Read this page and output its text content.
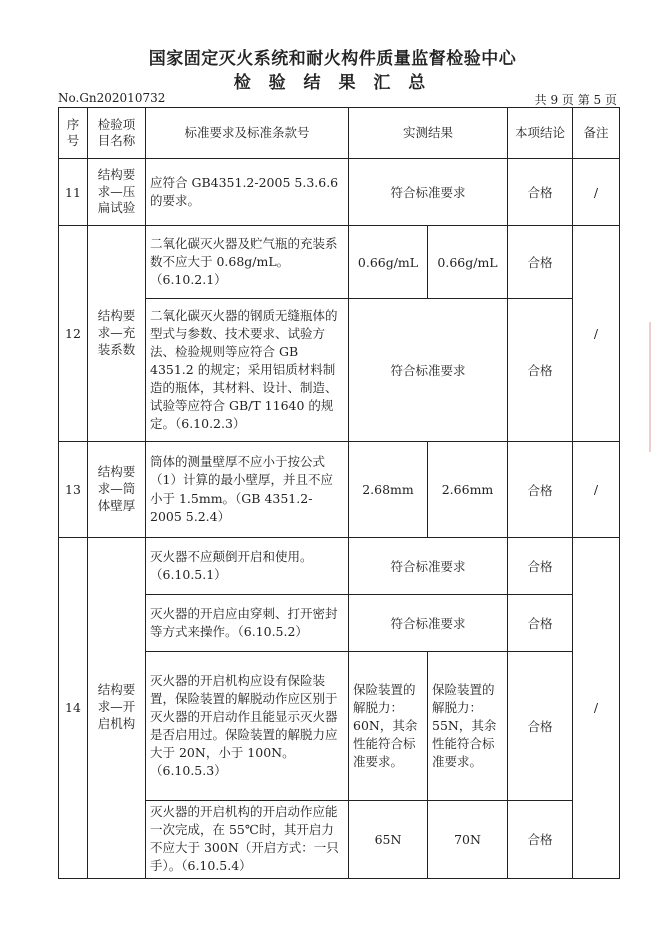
国家固定灭火系统和耐火构件质量监督检验中心
检 验 结 果 汇 总
No.Gn202010732	共 9 页 第 5 页
序号	检验项目名称	标准要求及标准条款号	实测结果		本项结论	备注
11	结构要求—压扁试验	应符合 GB4351.2-2005 5.3.6.6 的要求。	符合标准要求		合格	/
12	结构要求—充装系数	二氧化碳灭火器及贮气瓶的充装系数不应大于 0.68g/mL。（6.10.2.1）	0.66g/mL	0.66g/mL	合格	/
		二氧化碳灭火器的钢质无缝瓶体的型式与参数、技术要求、试验方法、检验规则等应符合 GB 4351.2 的规定；采用铝质材料制造的瓶体，其材料、设计、制造、试验等应符合 GB/T 11640 的规定。（6.10.2.3）	符合标准要求		合格	
13	结构要求—筒体壁厚	筒体的测量壁厚不应小于按公式（1）计算的最小壁厚，并且不应小于 1.5mm。（GB 4351.2-2005 5.2.4）	2.68mm	2.66mm	合格	/
14	结构要求—开启机构	灭火器不应颠倒开启和使用。（6.10.5.1）	符合标准要求		合格	/
		灭火器的开启应由穿刺、打开密封等方式来操作。（6.10.5.2）	符合标准要求		合格	
		灭火器的开启机构应设有保险装置，保险装置的解脱动作应区别于灭火器的开启动作且能显示灭火器是否启用过。保险装置的解脱力应大于 20N，小于 100N。（6.10.5.3）	保险装置的解脱力：60N，其余性能符合标准要求。	保险装置的解脱力：55N，其余性能符合标准要求。	合格	
		灭火器的开启机构的开启动作应能一次完成，在 55℃时，其开启力不应大于 300N（开启方式：一只手）。（6.10.5.4）	65N	70N	合格	
